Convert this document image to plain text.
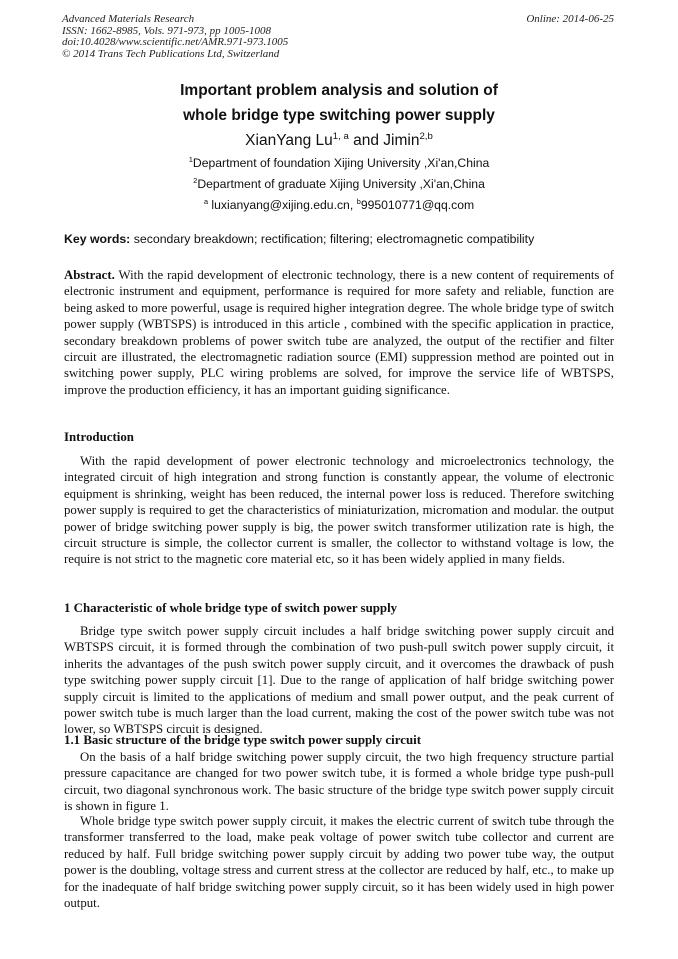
Advanced Materials Research
ISSN: 1662-8985, Vols. 971-973, pp 1005-1008
doi:10.4028/www.scientific.net/AMR.971-973.1005
© 2014 Trans Tech Publications Ltd, Switzerland
Online: 2014-06-25
Important problem analysis and solution of
whole bridge type switching power supply
XianYang Lu$^{1, a}$ and Jimin$^{2,b}$
$^1$Department of foundation Xijing University ,Xi'an,China
$^2$Department of graduate Xijing University ,Xi'an,China
$^a$ luxianyang@xijing.edu.cn, $^b$995010771@qq.com
Key words: secondary breakdown; rectification; filtering; electromagnetic compatibility

Abstract. With the rapid development of electronic technology, there is a new content of requirements of electronic instrument and equipment, performance is required for more safety and reliable, function are being asked to more powerful, usage is required higher integration degree. The whole bridge type of switch power supply (WBTSPS) is introduced in this article , combined with the specific application in practice, secondary breakdown problems of power switch tube are analyzed, the output of the rectifier and filter circuit are illustrated, the electromagnetic radiation source (EMI) suppression method are pointed out in switching power supply, PLC wiring problems are solved, for improve the service life of WBTSPS, improve the production efficiency, it has an important guiding significance.

Introduction

With the rapid development of power electronic technology and microelectronics technology, the integrated circuit of high integration and strong function is constantly appear, the volume of electronic equipment is shrinking, weight has been reduced, the internal power loss is reduced. Therefore switching power supply is required to get the characteristics of miniaturization, micromation and modular. the output power of bridge switching power supply is big, the power switch transformer utilization rate is high, the circuit structure is simple, the collector current is smaller, the collector to withstand voltage is low, the require is not strict to the magnetic core material etc, so it has been widely applied in many fields.

1 Characteristic of whole bridge type of switch power supply

Bridge type switch power supply circuit includes a half bridge switching power supply circuit and WBTSPS circuit, it is formed through the combination of two push-pull switch power supply circuit, it inherits the advantages of the push switch power supply circuit, and it overcomes the drawback of push type switching power supply circuit [1]. Due to the range of application of half bridge switching power supply circuit is limited to the applications of medium and small power output, and the peak current of power switch tube is much larger than the load current, making the cost of the power switch tube was not lower, so WBTSPS circuit is designed.

1.1 Basic structure of the bridge type switch power supply circuit

On the basis of a half bridge switching power supply circuit, the two high frequency structure partial pressure capacitance are changed for two power switch tube, it is formed a whole bridge type push-pull circuit, two diagonal synchronous work. The basic structure of the bridge type switch power supply circuit is shown in figure 1.

Whole bridge type switch power supply circuit, it makes the electric current of switch tube through the transformer transferred to the load, make peak voltage of power switch tube collector and current are reduced by half. Full bridge switching power supply circuit by adding two power tube way, the output power is the doubling, voltage stress and current stress at the collector are reduced by half, etc., to make up for the inadequate of half bridge switching power supply circuit, so it has been widely used in high power output.
